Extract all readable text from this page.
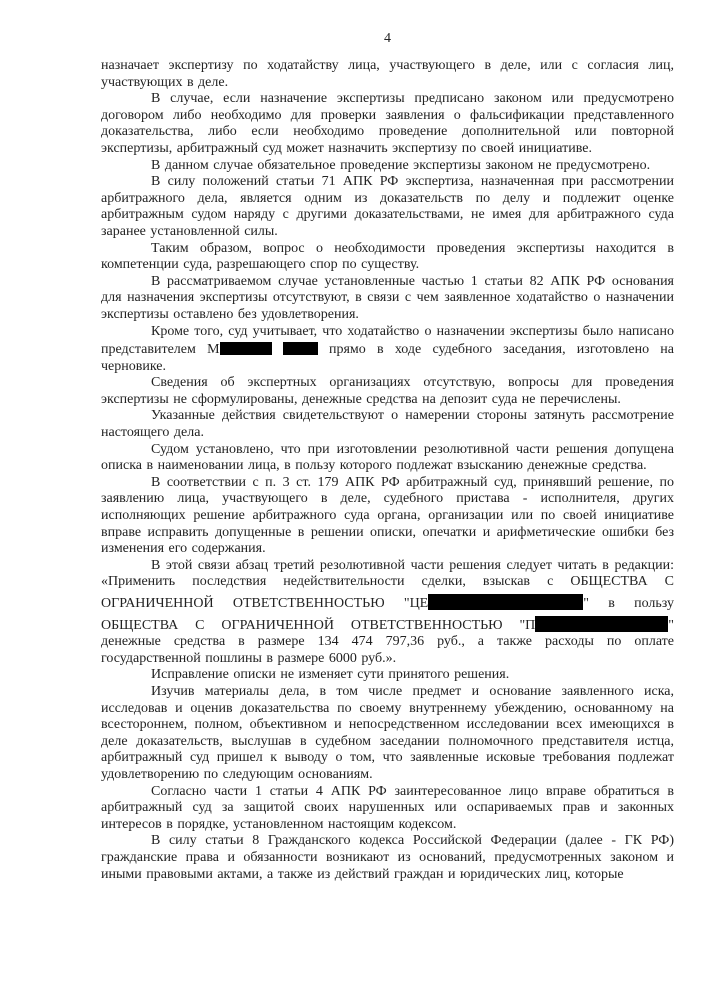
4

назначает экспертизу по ходатайству лица, участвующего в деле, или с согласия лиц, участвующих в деле.

В случае, если назначение экспертизы предписано законом или предусмотрено договором либо необходимо для проверки заявления о фальсификации представленного доказательства, либо если необходимо проведение дополнительной или повторной экспертизы, арбитражный суд может назначить экспертизу по своей инициативе.

В данном случае обязательное проведение экспертизы законом не предусмотрено.

В силу положений статьи 71 АПК РФ экспертиза, назначенная при рассмотрении арбитражного дела, является одним из доказательств по делу и подлежит оценке арбитражным судом наряду с другими доказательствами, не имея для арбитражного суда заранее установленной силы.

Таким образом, вопрос о необходимости проведения экспертизы находится в компетенции суда, разрешающего спор по существу.

В рассматриваемом случае установленные частью 1 статьи 82 АПК РФ основания для назначения экспертизы отсутствуют, в связи с чем заявленное ходатайство о назначении экспертизы оставлено без удовлетворения.

Кроме того, суд учитывает, что ходатайство о назначении экспертизы было написано представителем М	прямо в ходе судебного заседания, изготовлено на черновике.

Сведения об экспертных организациях отсутствую, вопросы для проведения экспертизы не сформулированы, денежные средства на депозит суда не перечислены.

Указанные действия свидетельствуют о намерении стороны затянуть рассмотрение настоящего дела.

Судом установлено, что при изготовлении резолютивной части решения допущена описка в наименовании лица, в пользу которого подлежат взысканию денежные средства.

В соответствии с п. 3 ст. 179 АПК РФ арбитражный суд, принявший решение, по заявлению лица, участвующего в деле, судебного пристава - исполнителя, других исполняющих решение арбитражного суда органа, организации или по своей инициативе вправе исправить допущенные в решении описки, опечатки и арифметические ошибки без изменения его содержания.

В этой связи абзац третий резолютивной части решения следует читать в редакции: «Применить последствия недействительности сделки, взыскав с ОБЩЕСТВА С ОГРАНИЧЕННОЙ ОТВЕТСТВЕННОСТЬЮ "ЦЕ	" в пользу ОБЩЕСТВА С ОГРАНИЧЕННОЙ ОТВЕТСТВЕННОСТЬЮ "П	" денежные средства в размере 134 474 797,36 руб., а также расходы по оплате государственной пошлины в размере 6000 руб.».

Исправление описки не изменяет сути принятого решения.

Изучив материалы дела, в том числе предмет и основание заявленного иска, исследовав и оценив доказательства по своему внутреннему убеждению, основанному на всестороннем, полном, объективном и непосредственном исследовании всех имеющихся в деле доказательств, выслушав в судебном заседании полномочного представителя истца, арбитражный суд пришел к выводу о том, что заявленные исковые требования подлежат удовлетворению по следующим основаниям.

Согласно части 1 статьи 4 АПК РФ заинтересованное лицо вправе обратиться в арбитражный суд за защитой своих нарушенных или оспариваемых прав и законных интересов в порядке, установленном настоящим кодексом.

В силу статьи 8 Гражданского кодекса Российской Федерации (далее - ГК РФ) гражданские права и обязанности возникают из оснований, предусмотренных законом и иными правовыми актами, а также из действий граждан и юридических лиц, которые
